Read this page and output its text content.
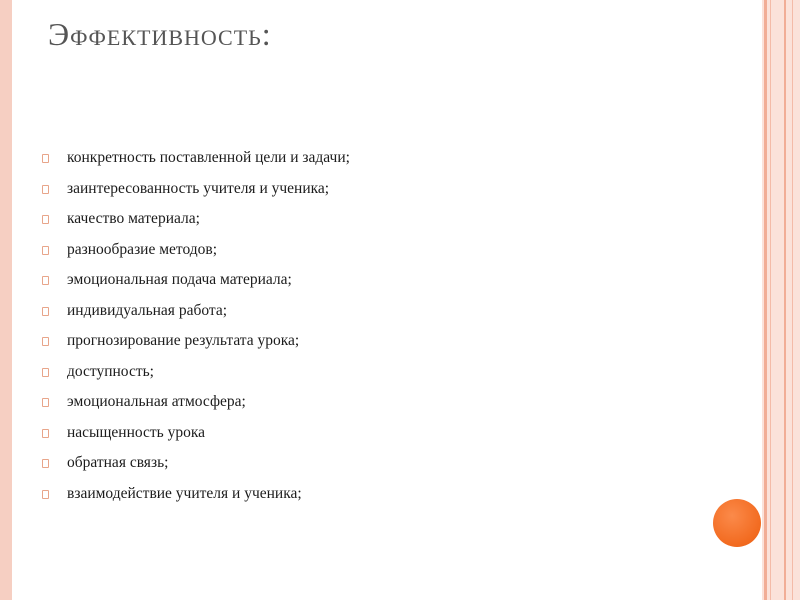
Эффективность:
конкретность поставленной цели и задачи;
заинтересованность учителя и ученика;
качество материала;
разнообразие методов;
эмоциональная подача материала;
индивидуальная работа;
прогнозирование результата урока;
доступность;
эмоциональная атмосфера;
насыщенность урока
обратная связь;
взаимодействие учителя и ученика;
